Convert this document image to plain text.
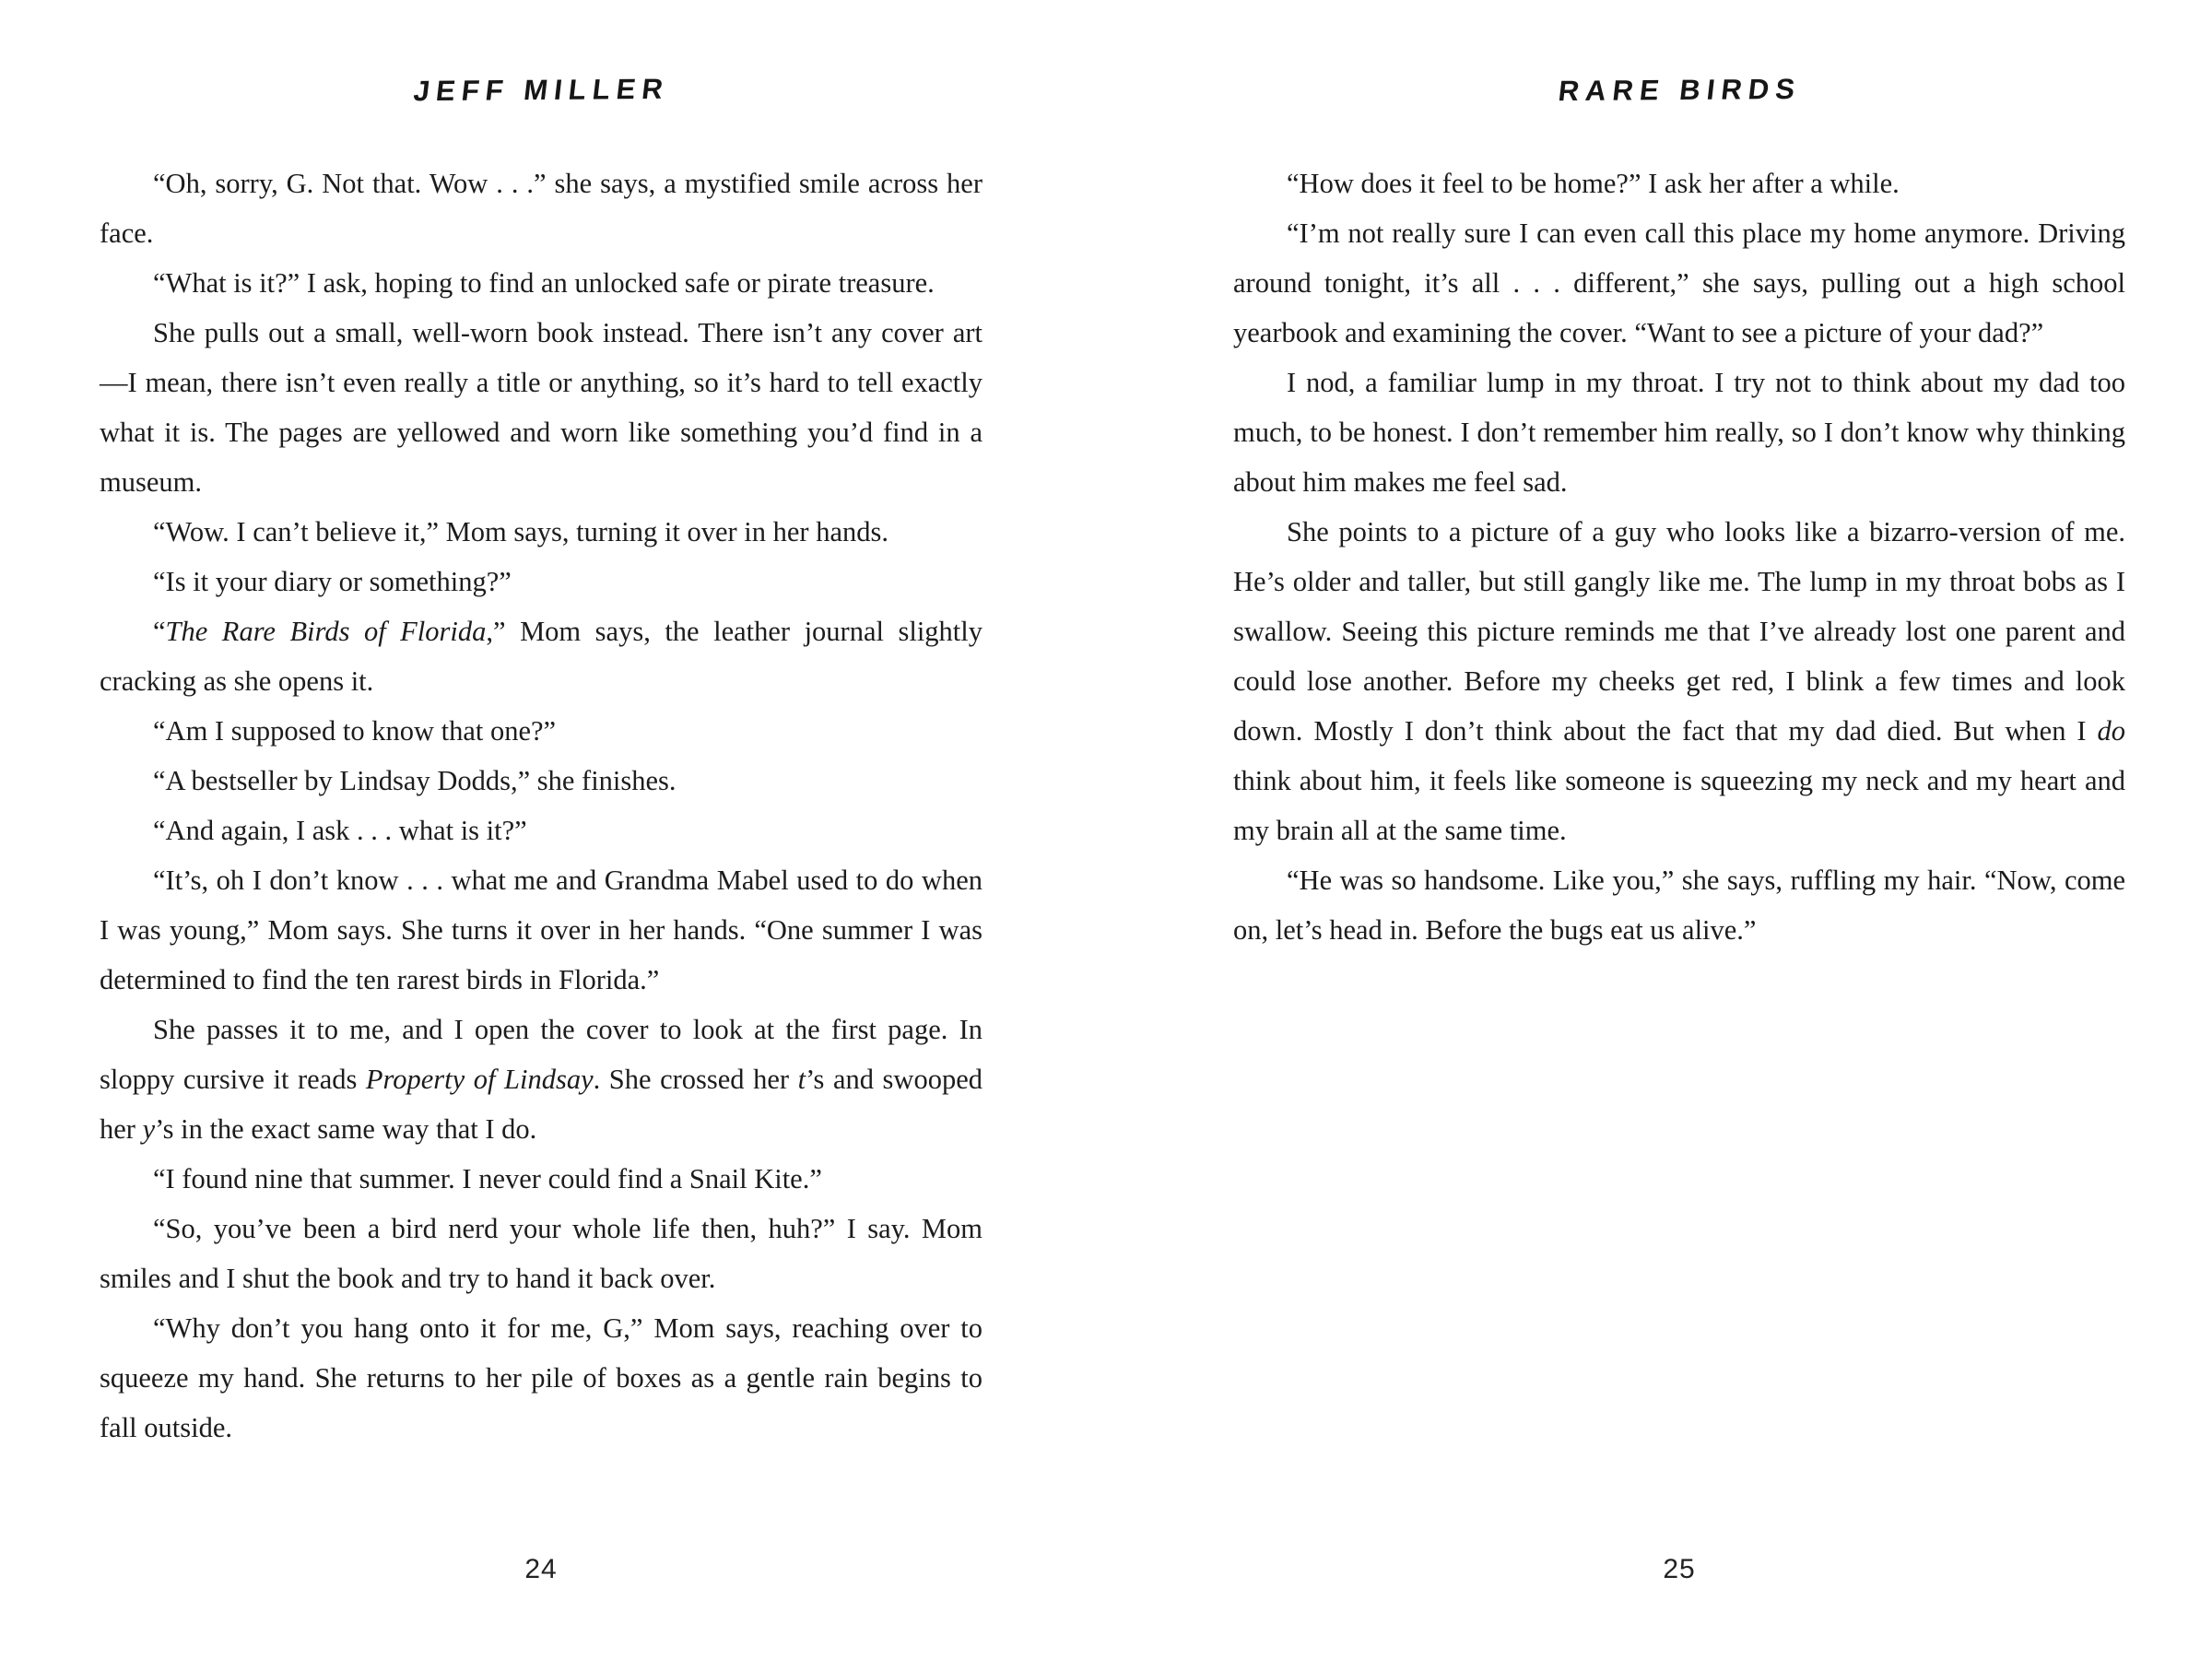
JEFF MILLER

“Oh, sorry, G. Not that. Wow . . .” she says, a mystified smile across her face.

“What is it?” I ask, hoping to find an unlocked safe or pirate treasure.

She pulls out a small, well-worn book instead. There isn’t any cover art—I mean, there isn’t even really a title or anything, so it’s hard to tell exactly what it is. The pages are yellowed and worn like something you’d find in a museum.

“Wow. I can’t believe it,” Mom says, turning it over in her hands.

“Is it your diary or something?”

“The Rare Birds of Florida,” Mom says, the leather journal slightly cracking as she opens it.

“Am I supposed to know that one?”

“A bestseller by Lindsay Dodds,” she finishes.

“And again, I ask . . . what is it?”

“It’s, oh I don’t know . . . what me and Grandma Mabel used to do when I was young,” Mom says. She turns it over in her hands. “One summer I was determined to find the ten rarest birds in Florida.”

She passes it to me, and I open the cover to look at the first page. In sloppy cursive it reads Property of Lindsay. She crossed her t’s and swooped her y’s in the exact same way that I do.

“I found nine that summer. I never could find a Snail Kite.”

“So, you’ve been a bird nerd your whole life then, huh?” I say. Mom smiles and I shut the book and try to hand it back over.

“Why don’t you hang onto it for me, G,” Mom says, reaching over to squeeze my hand. She returns to her pile of boxes as a gentle rain begins to fall outside.

24
RARE BIRDS

“How does it feel to be home?” I ask her after a while.

“I’m not really sure I can even call this place my home anymore. Driving around tonight, it’s all . . . different,” she says, pulling out a high school yearbook and examining the cover. “Want to see a picture of your dad?”

I nod, a familiar lump in my throat. I try not to think about my dad too much, to be honest. I don’t remember him really, so I don’t know why thinking about him makes me feel sad.

She points to a picture of a guy who looks like a bizarro-version of me. He’s older and taller, but still gangly like me. The lump in my throat bobs as I swallow. Seeing this picture reminds me that I’ve already lost one parent and could lose another. Before my cheeks get red, I blink a few times and look down. Mostly I don’t think about the fact that my dad died. But when I do think about him, it feels like someone is squeezing my neck and my heart and my brain all at the same time.

“He was so handsome. Like you,” she says, ruffling my hair. “Now, come on, let’s head in. Before the bugs eat us alive.”

25
